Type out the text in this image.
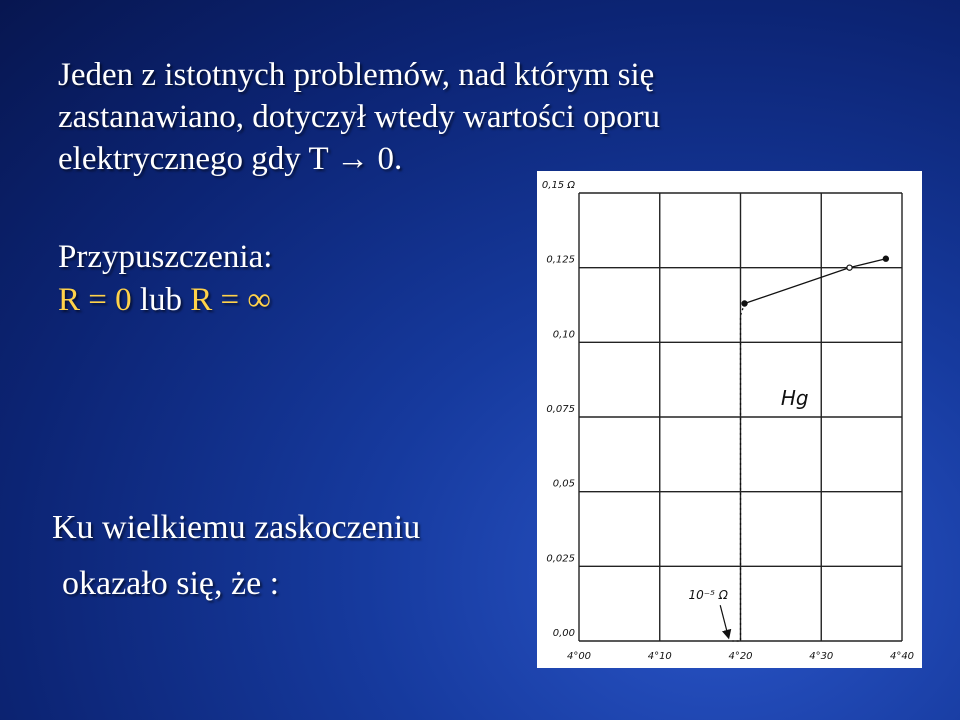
Jeden z istotnych problemów, nad którym się
zastanawiano, dotyczył wtedy wartości oporu
elektrycznego gdy T → 0.
Przypuszczenia:
R = 0 lub R = ∞
Ku wielkiemu zaskoczeniu
okazało się, że :
0,00
0,025
0,05
0,075
0,10
0,125
0,15 Ω
4°00	4°10	4°20	4°30	4°40
Hg
10⁻⁵ Ω
